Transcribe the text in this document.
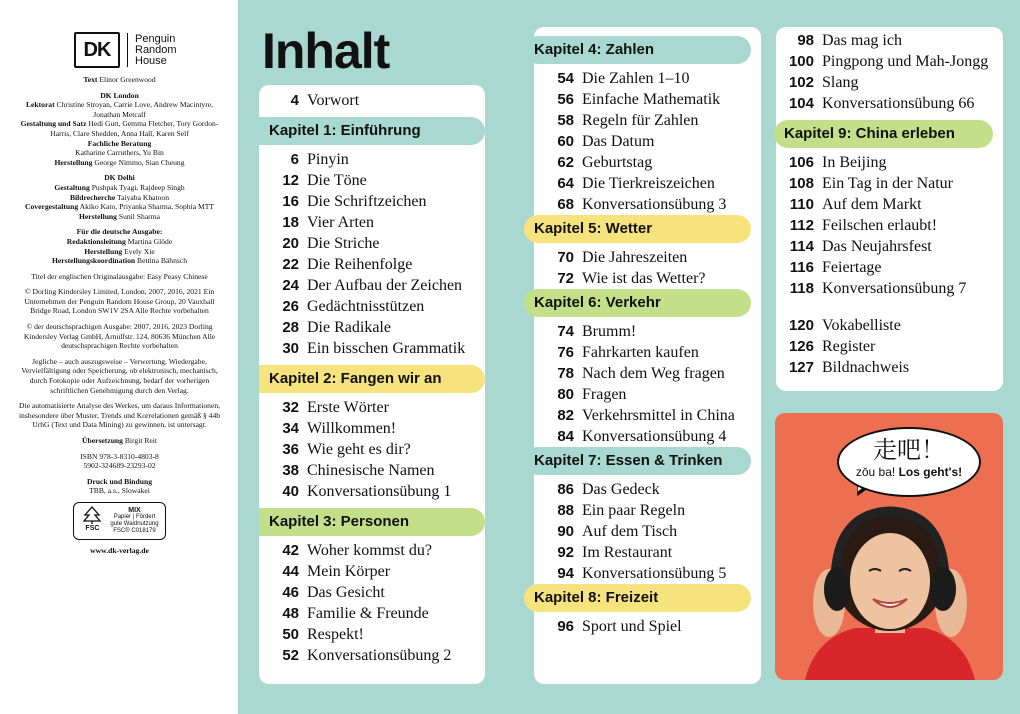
DK	Penguin
Random
House

Text Elinor Greenwood

DK London

Lektorat Christine Stroyan, Carrie Love, Andrew Macintyre, Jonathan Metcalf

Gestaltung und Satz Hedi Gutt, Gemma Fletcher, Tory Gordon-Harris, Clare Shedden, Anna Hall, Karen Self

Fachliche Beratung
Katharine Carruthers, Yu Bin

Herstellung George Nimmo, Sian Cheung

DK Delhi

Gestaltung Pushpak Tyagi, Rajdeep Singh

Bildrecherche Taiyaba Khatoon

Covergestaltung Akiko Kato, Priyanka Sharma, Sophia MTT

Herstellung Sunil Sharma

Für die deutsche Ausgabe:

Redaktionsleitung Martina Glöde

Herstellung Evely Xie

Herstellungskoordination Bettina Bähnsch

Titel der englischen Originalausgabe: Easy Peasy Chinese

© Dorling Kindersley Limited, London, 2007, 2016, 2021 Ein Unternehmen der Penguin Random House Group, 20 Vauxhall Bridge Road, London SW1V 2SA Alle Rechte vorbehalten

© der deutschsprachigen Ausgabe: 2007, 2016, 2023 Dorling Kindersley Verlag GmbH, Arnulfstr. 124, 80636 München Alle deutschsprachigen Rechte vorbehalten

Jegliche – auch auszugsweise – Verwertung, Wiedergabe, Vervielfältigung oder Speicherung, ob elektronisch, mechanisch, durch Fotokopie oder Aufzeichnung, bedarf der vorherigen schriftlichen Genehmigung durch den Verlag.

Die automatisierte Analyse des Werkes, um daraus Informationen, insbesondere über Muster, Trends und Korrelationen gemäß § 44b UrhG (Text und Data Mining) zu gewinnen, ist untersagt.

Übersetzung Birgit Reit

ISBN 978-3-8310-4803-8
5902-324689-23293-02

Druck und Bindung
TBB, a.s., Slowakei

FSC
MIX
Papier | Fördert
gute Waldnutzung
FSC® C018179

www.dk-verlag.de

Inhalt
4 Vorwort
Kapitel 1: Einführung
6 Pinyin
12 Die Töne
16 Die Schriftzeichen
18 Vier Arten
20 Die Striche
22 Die Reihenfolge
24 Der Aufbau der Zeichen
26 Gedächtnisstützen
28 Die Radikale
30 Ein bisschen Grammatik
Kapitel 2: Fangen wir an
32 Erste Wörter
34 Willkommen!
36 Wie geht es dir?
38 Chinesische Namen
40 Konversationsübung 1
Kapitel 3: Personen
42 Woher kommst du?
44 Mein Körper
46 Das Gesicht
48 Familie & Freunde
50 Respekt!
52 Konversationsübung 2
Kapitel 4: Zahlen
54 Die Zahlen 1–10
56 Einfache Mathematik
58 Regeln für Zahlen
60 Das Datum
62 Geburtstag
64 Die Tierkreiszeichen
68 Konversationsübung 3
Kapitel 5: Wetter
70 Die Jahreszeiten
72 Wie ist das Wetter?
Kapitel 6: Verkehr
74 Brumm!
76 Fahrkarten kaufen
78 Nach dem Weg fragen
80 Fragen
82 Verkehrsmittel in China
84 Konversationsübung 4
Kapitel 7: Essen & Trinken
86 Das Gedeck
88 Ein paar Regeln
90 Auf dem Tisch
92 Im Restaurant
94 Konversationsübung 5
Kapitel 8: Freizeit
96 Sport und Spiel
98 Das mag ich
100 Pingpong und Mah-Jongg
102 Slang
104 Konversationsübung 66
Kapitel 9: China erleben
106 In Beijing
108 Ein Tag in der Natur
110 Auf dem Markt
112 Feilschen erlaubt!
114 Das Neujahrsfest
116 Feiertage
118 Konversationsübung 7
120 Vokabelliste
126 Register
127 Bildnachweis
走吧！
zǒu ba! Los geht's!
